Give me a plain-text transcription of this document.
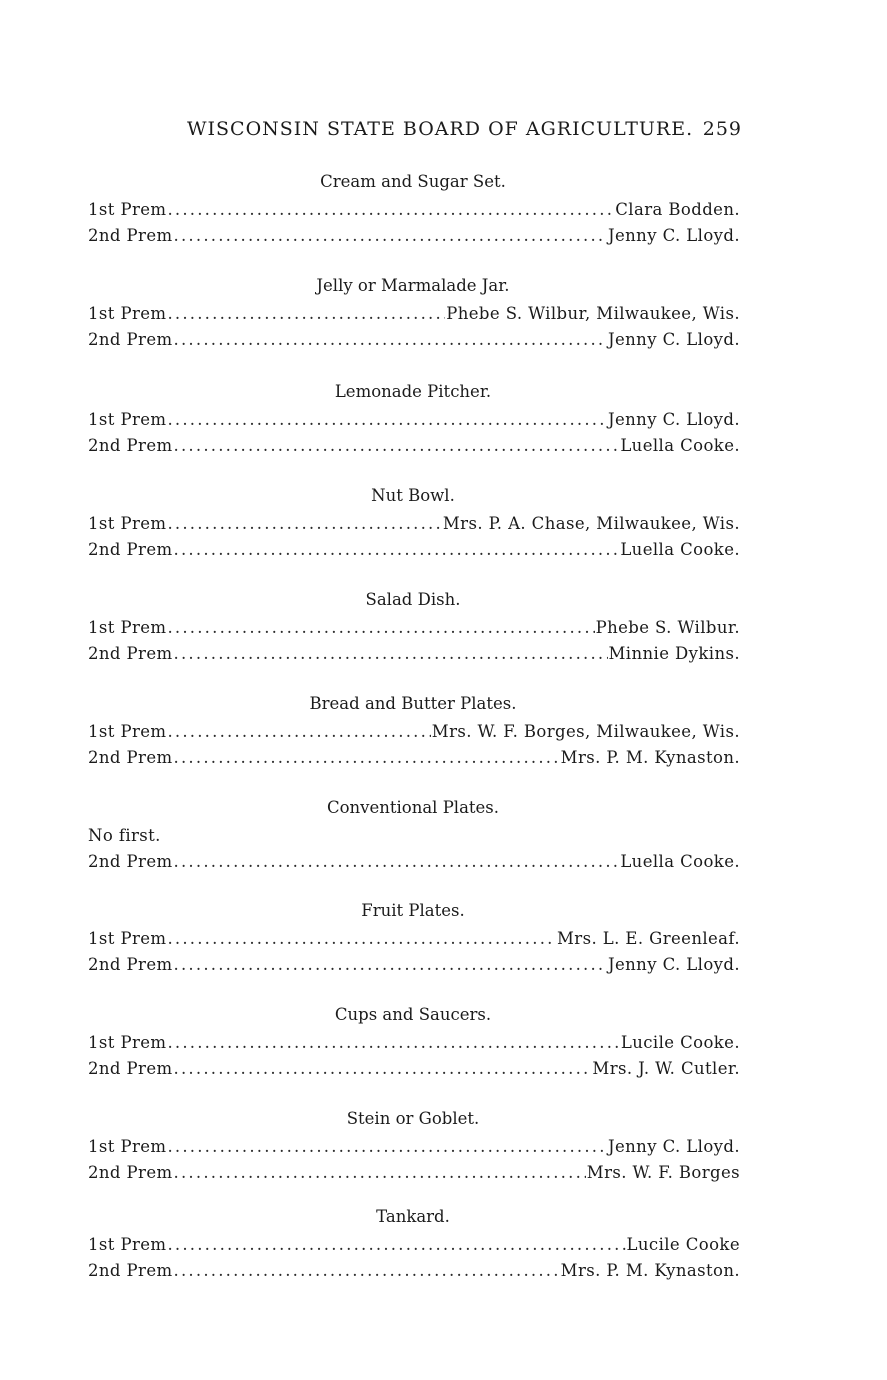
WISCONSIN STATE BOARD OF AGRICULTURE. 259
Cream and Sugar Set.
1st Prem .....	Clara Bodden.
2nd Prem .....	Jenny C. Lloyd.
Jelly or Marmalade Jar.
1st Prem .....	Phebe S. Wilbur, Milwaukee, Wis.
2nd Prem .....	Jenny C. Lloyd.
Lemonade Pitcher.
1st Prem .....	Jenny C. Lloyd.
2nd Prem .....	Luella Cooke.
Nut Bowl.
1st Prem .....	Mrs. P. A. Chase, Milwaukee, Wis.
2nd Prem .....	Luella Cooke.
Salad Dish.
1st Prem .....	Phebe S. Wilbur.
2nd Prem .....	Minnie Dykins.
Bread and Butter Plates.
1st Prem .....	Mrs. W. F. Borges, Milwaukee, Wis.
2nd Prem .....	Mrs. P. M. Kynaston.
Conventional Plates.
No first.
2nd Prem .....	Luella Cooke.
Fruit Plates.
1st Prem .....	Mrs. L. E. Greenleaf.
2nd Prem .....	Jenny C. Lloyd.
Cups and Saucers.
1st Prem .....	Lucile Cooke.
2nd Prem .....	Mrs. J. W. Cutler.
Stein or Goblet.
1st Prem .....	Jenny C. Lloyd.
2nd Prem .....	Mrs. W. F. Borges
Tankard.
1st Prem .....	Lucile Cooke
2nd Prem .....	Mrs. P. M. Kynaston.
